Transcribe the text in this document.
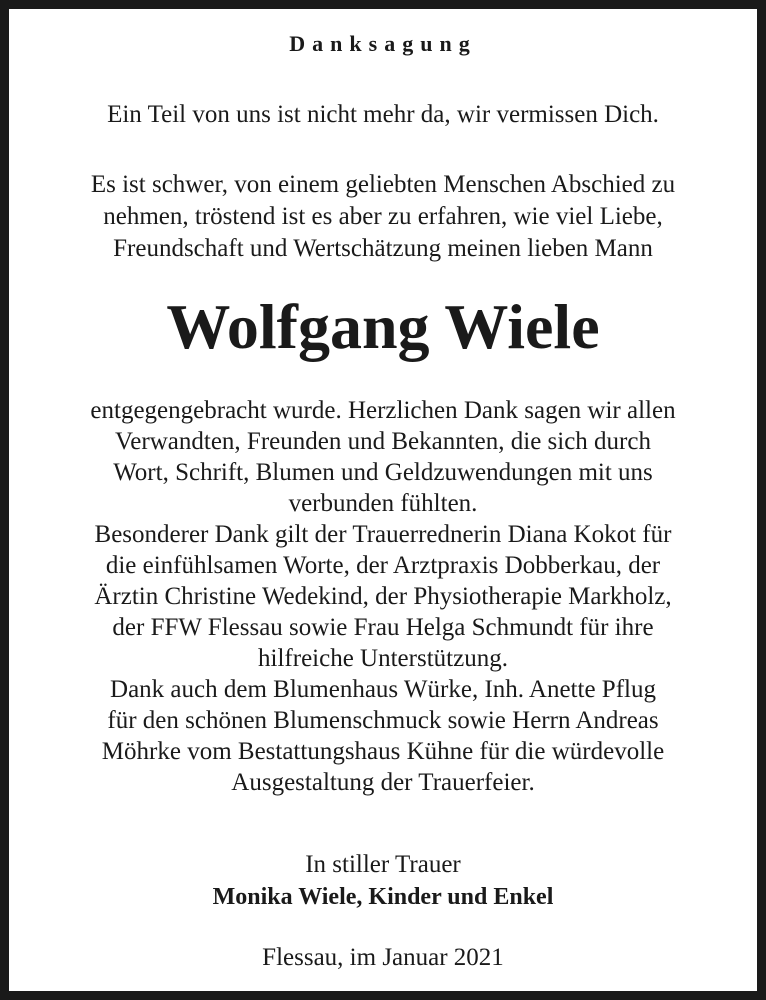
Danksagung
Ein Teil von uns ist nicht mehr da, wir vermissen Dich.
Es ist schwer, von einem geliebten Menschen Abschied zu
nehmen, tröstend ist es aber zu erfahren, wie viel Liebe,
Freundschaft und Wertschätzung meinen lieben Mann
Wolfgang Wiele
entgegengebracht wurde. Herzlichen Dank sagen wir allen
Verwandten, Freunden und Bekannten, die sich durch
Wort, Schrift, Blumen und Geldzuwendungen mit uns
verbunden fühlten.
Besonderer Dank gilt der Trauerrednerin Diana Kokot für
die einfühlsamen Worte, der Arztpraxis Dobberkau, der
Ärztin Christine Wedekind, der Physiotherapie Markholz,
der FFW Flessau sowie Frau Helga Schmundt für ihre
hilfreiche Unterstützung.
Dank auch dem Blumenhaus Würke, Inh. Anette Pflug
für den schönen Blumenschmuck sowie Herrn Andreas
Möhrke vom Bestattungshaus Kühne für die würdevolle
Ausgestaltung der Trauerfeier.
In stiller Trauer
Monika Wiele, Kinder und Enkel
Flessau, im Januar 2021
